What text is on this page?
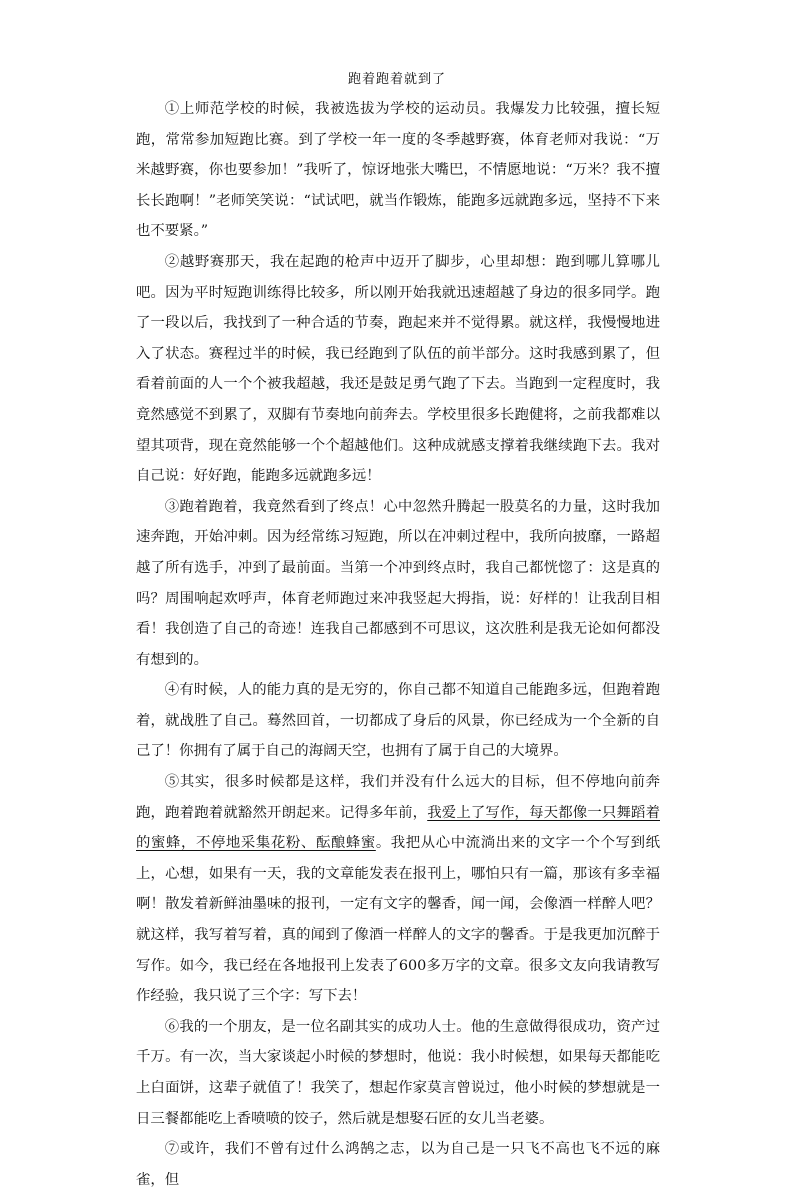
跑着跑着就到了

①上师范学校的时候，我被选拔为学校的运动员。我爆发力比较强，擅长短跑，常常参加短跑比赛。到了学校一年一度的冬季越野赛，体育老师对我说：“万米越野赛，你也要参加！”我听了，惊讶地张大嘴巴，不情愿地说：“万米？我不擅长长跑啊！”老师笑笑说：“试试吧，就当作锻炼，能跑多远就跑多远，坚持不下来也不要紧。”

②越野赛那天，我在起跑的枪声中迈开了脚步，心里却想：跑到哪儿算哪儿吧。因为平时短跑训练得比较多，所以刚开始我就迅速超越了身边的很多同学。跑了一段以后，我找到了一种合适的节奏，跑起来并不觉得累。就这样，我慢慢地进入了状态。赛程过半的时候，我已经跑到了队伍的前半部分。这时我感到累了，但看着前面的人一个个被我超越，我还是鼓足勇气跑了下去。当跑到一定程度时，我竟然感觉不到累了，双脚有节奏地向前奔去。学校里很多长跑健将，之前我都难以望其项背，现在竟然能够一个个超越他们。这种成就感支撑着我继续跑下去。我对自己说：好好跑，能跑多远就跑多远！

③跑着跑着，我竟然看到了终点！心中忽然升腾起一股莫名的力量，这时我加速奔跑，开始冲刺。因为经常练习短跑，所以在冲刺过程中，我所向披靡，一路超越了所有选手，冲到了最前面。当第一个冲到终点时，我自己都恍惚了：这是真的吗？周围响起欢呼声，体育老师跑过来冲我竖起大拇指，说：好样的！让我刮目相看！我创造了自己的奇迹！连我自己都感到不可思议，这次胜利是我无论如何都没有想到的。

④有时候，人的能力真的是无穷的，你自己都不知道自己能跑多远，但跑着跑着，就战胜了自己。蓦然回首，一切都成了身后的风景，你已经成为一个全新的自己了！你拥有了属于自己的海阔天空，也拥有了属于自己的大境界。

⑤其实，很多时候都是这样，我们并没有什么远大的目标，但不停地向前奔跑，跑着跑着就豁然开朗起来。记得多年前，我爱上了写作，每天都像一只舞蹈着的蜜蜂，不停地采集花粉、酝酿蜂蜜。我把从心中流淌出来的文字一个个写到纸上，心想，如果有一天，我的文章能发表在报刊上，哪怕只有一篇，那该有多幸福啊！散发着新鲜油墨味的报刊，一定有文字的馨香，闻一闻，会像酒一样醉人吧？就这样，我写着写着，真的闻到了像酒一样醉人的文字的馨香。于是我更加沉醉于写作。如今，我已经在各地报刊上发表了600多万字的文章。很多文友向我请教写作经验，我只说了三个字：写下去！

⑥我的一个朋友，是一位名副其实的成功人士。他的生意做得很成功，资产过千万。有一次，当大家谈起小时候的梦想时，他说：我小时候想，如果每天都能吃上白面饼，这辈子就值了！我笑了，想起作家莫言曾说过，他小时候的梦想就是一日三餐都能吃上香喷喷的饺子，然后就是想娶石匠的女儿当老婆。

⑦或许，我们不曾有过什么鸿鹄之志，以为自己是一只飞不高也飞不远的麻雀，但
